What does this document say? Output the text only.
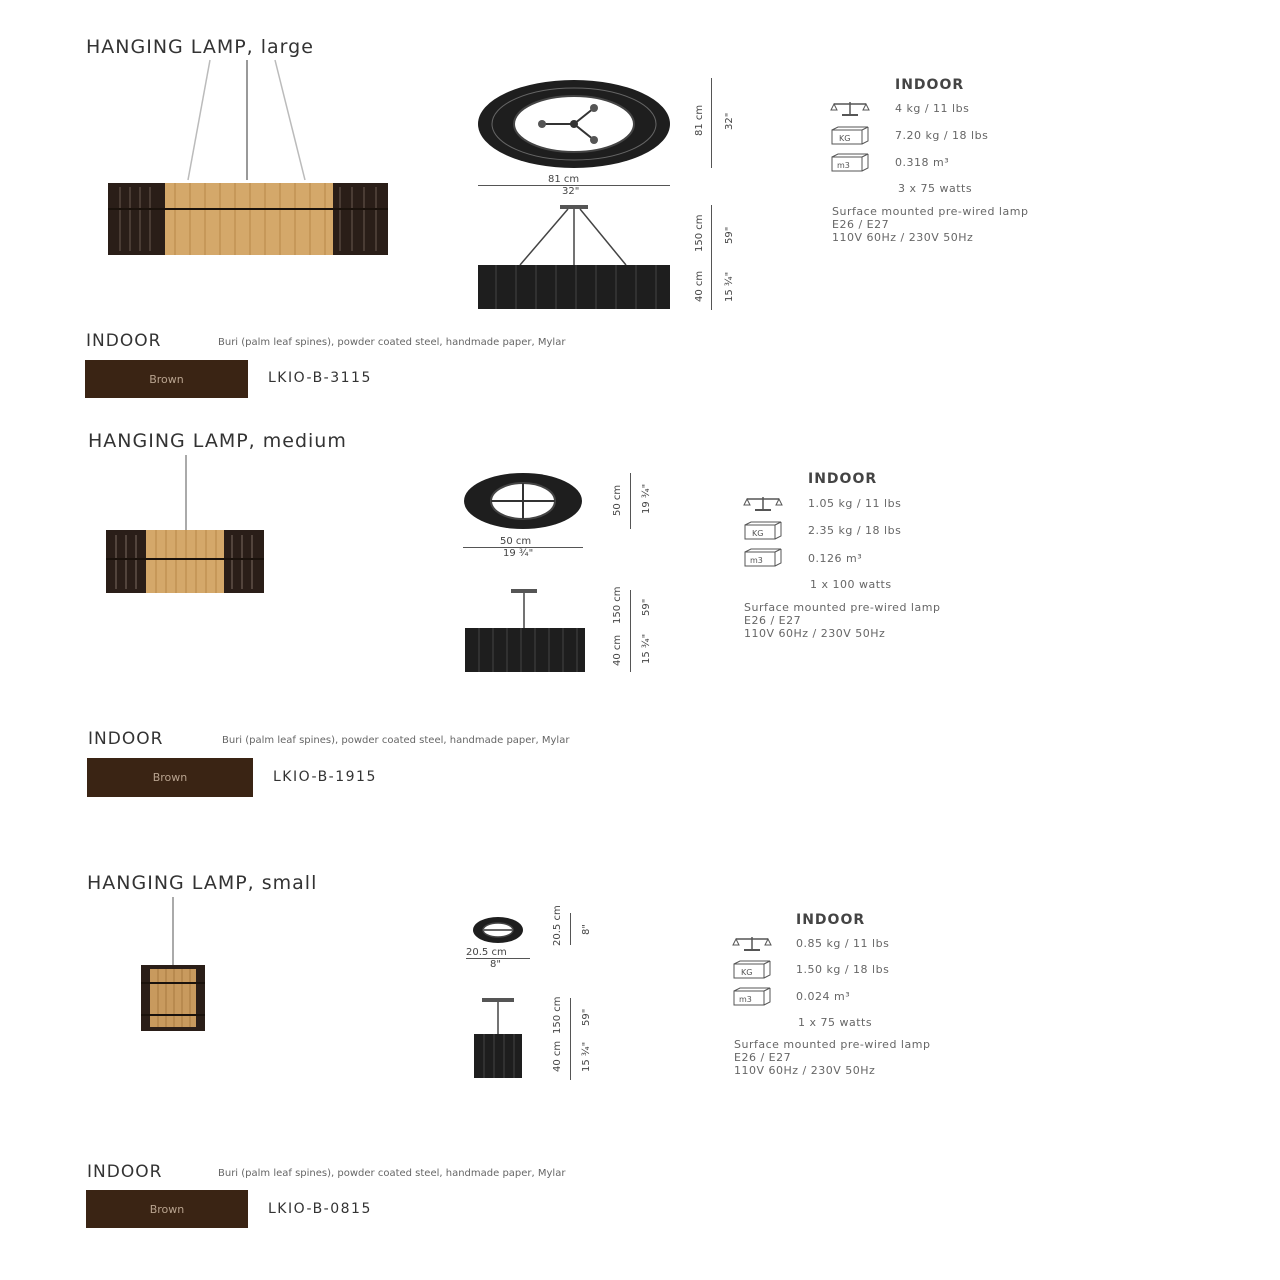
HANGING LAMP, large
81 cm
32"
81 cm 32"
150 cm 59"
40 cm 15 ¾"
INDOOR
4 kg / 11 lbs
KG	7.20 kg / 18 lbs
m3	0.318 m³
3 x 75 watts
Surface mounted pre-wired lamp
E26 / E27
110V 60Hz / 230V 50Hz
INDOOR	Buri (palm leaf spines), powder coated steel, handmade paper, Mylar
Brown	LKIO-B-3115
HANGING LAMP, medium
50 cm
19 ¾"
50 cm 19 ¾"
150 cm 59"
40 cm 15 ¾"
INDOOR
1.05 kg / 11 lbs
KG	2.35 kg / 18 lbs
m3	0.126 m³
1 x 100 watts
Surface mounted pre-wired lamp
E26 / E27
110V 60Hz / 230V 50Hz
INDOOR	Buri (palm leaf spines), powder coated steel, handmade paper, Mylar
Brown	LKIO-B-1915
HANGING LAMP, small
20.5 cm
8"
20.5 cm 8"
150 cm 59"
40 cm 15 ¾"
INDOOR
0.85 kg / 11 lbs
KG	1.50 kg / 18 lbs
m3	0.024 m³
1 x 75 watts
Surface mounted pre-wired lamp
E26 / E27
110V 60Hz / 230V 50Hz
INDOOR	Buri (palm leaf spines), powder coated steel, handmade paper, Mylar
Brown	LKIO-B-0815
